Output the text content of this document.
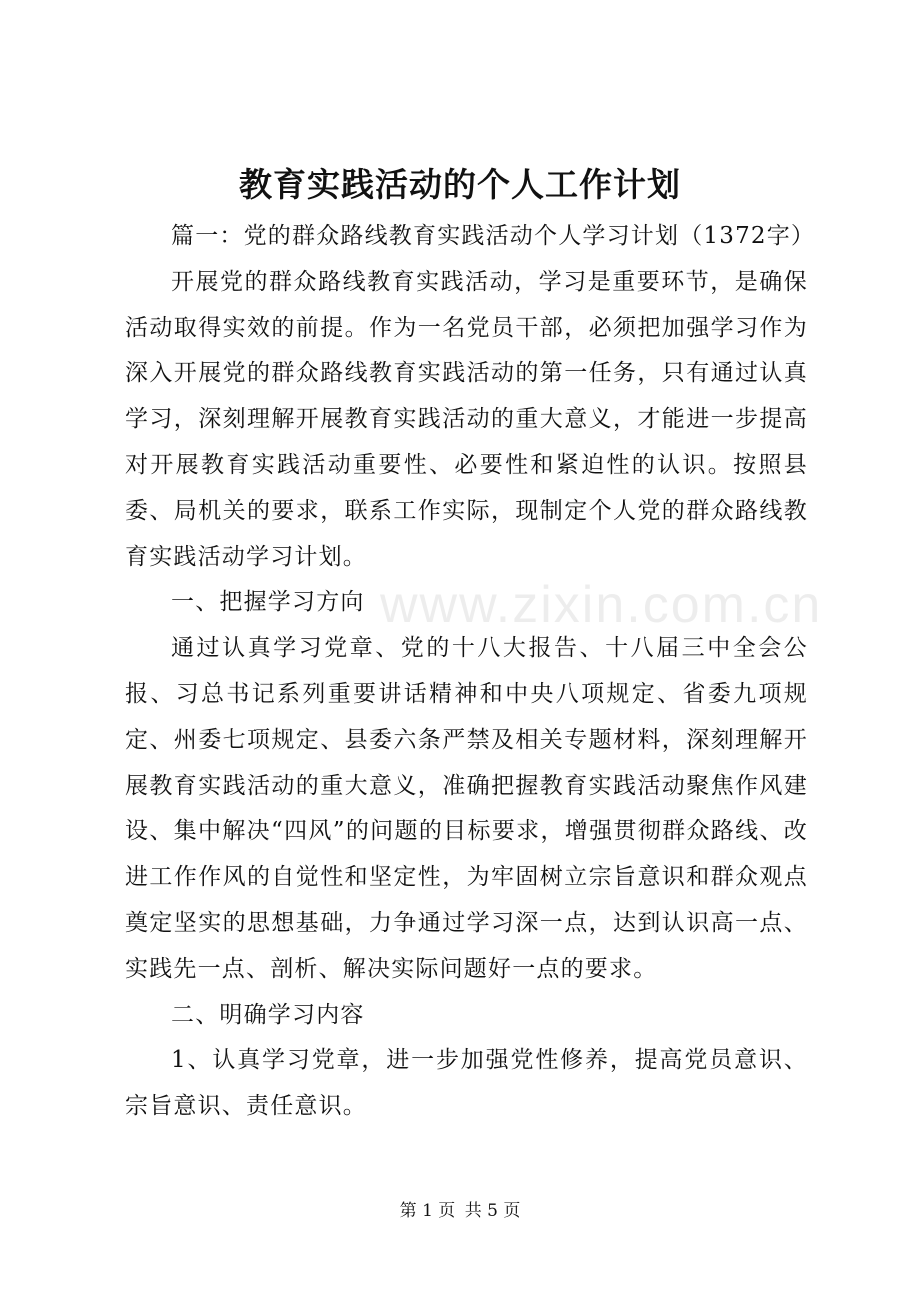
教育实践活动的个人工作计划

篇一：党的群众路线教育实践活动个人学习计划（1372字）

开展党的群众路线教育实践活动，学习是重要环节，是确保活动取得实效的前提。作为一名党员干部，必须把加强学习作为深入开展党的群众路线教育实践活动的第一任务，只有通过认真学习，深刻理解开展教育实践活动的重大意义，才能进一步提高对开展教育实践活动重要性、必要性和紧迫性的认识。按照县委、局机关的要求，联系工作实际，现制定个人党的群众路线教育实践活动学习计划。

一、把握学习方向

通过认真学习党章、党的十八大报告、十八届三中全会公报、习总书记系列重要讲话精神和中央八项规定、省委九项规定、州委七项规定、县委六条严禁及相关专题材料，深刻理解开展教育实践活动的重大意义，准确把握教育实践活动聚焦作风建设、集中解决“四风”的问题的目标要求，增强贯彻群众路线、改进工作作风的自觉性和坚定性，为牢固树立宗旨意识和群众观点奠定坚实的思想基础，力争通过学习深一点，达到认识高一点、实践先一点、剖析、解决实际问题好一点的要求。

二、明确学习内容

1、认真学习党章，进一步加强党性修养，提高党员意识、宗旨意识、责任意识。

www.zixin.com.cn
第 1 页 共 5 页
